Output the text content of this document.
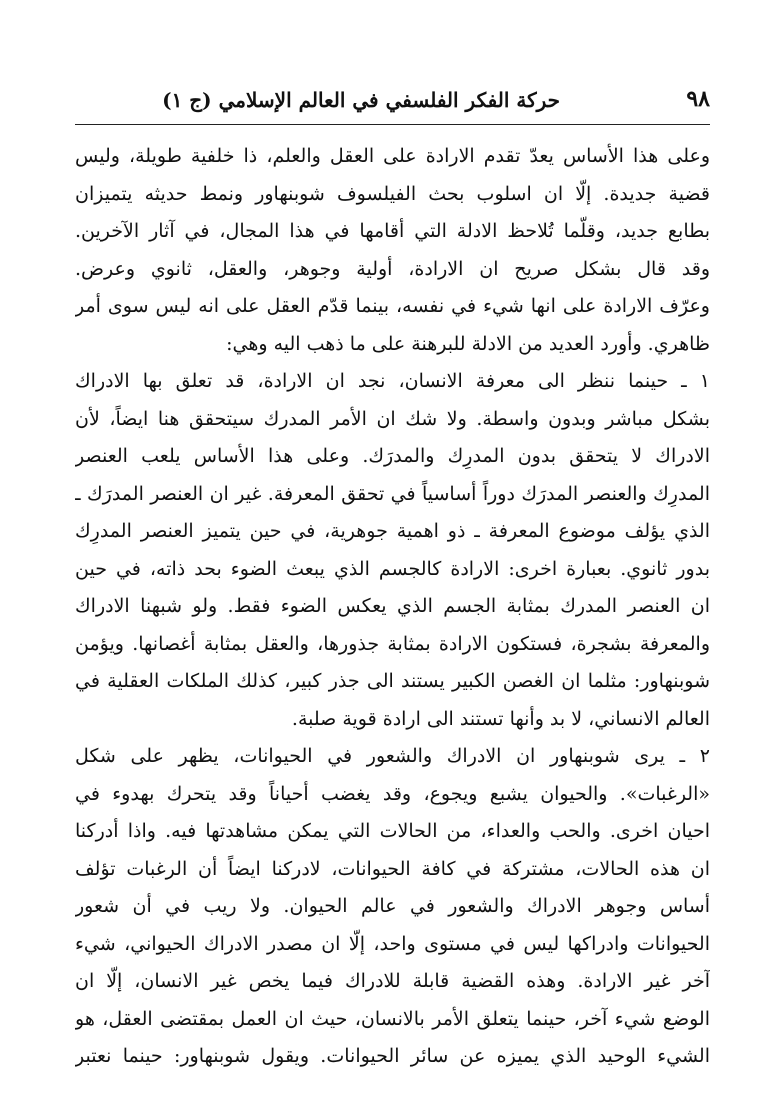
٩٨
حركة الفكر الفلسفي في العالم الإسلامي (ج ١)
وعلى هذا الأساس يعدّ تقدم الارادة على العقل والعلم، ذا خلفية طويلة، وليس
قضية جديدة. إلّا ان اسلوب بحث الفيلسوف شوبنهاور ونمط حديثه يتميزان
بطابع جديد، وقلّما تُلاحظ الادلة التي أقامها في هذا المجال، في آثار الآخرين.
وقد قال بشكل صريح ان الارادة، أولية وجوهر، والعقل، ثانوي وعرض.
وعرّف الارادة على انها شيء في نفسه، بينما قدّم العقل على انه ليس سوى أمر
ظاهري. وأورد العديد من الادلة للبرهنة على ما ذهب اليه وهي:
١ ـ حينما ننظر الى معرفة الانسان، نجد ان الارادة، قد تعلق بها الادراك
بشكل مباشر وبدون واسطة. ولا شك ان الأمر المدرك سيتحقق هنا ايضاً، لأن
الادراك لا يتحقق بدون المدرِك والمدرَك. وعلى هذا الأساس يلعب العنصر
المدرِك والعنصر المدرَك دوراً أساسياً في تحقق المعرفة. غير ان العنصر المدرَك ـ
الذي يؤلف موضوع المعرفة ـ ذو اهمية جوهرية، في حين يتميز العنصر المدرِك
بدور ثانوي. بعبارة اخرى: الارادة كالجسم الذي يبعث الضوء بحد ذاته، في حين
ان العنصر المدرك بمثابة الجسم الذي يعكس الضوء فقط. ولو شبهنا الادراك
والمعرفة بشجرة، فستكون الارادة بمثابة جذورها، والعقل بمثابة أغصانها. ويؤمن
شوبنهاور: مثلما ان الغصن الكبير يستند الى جذر كبير، كذلك الملكات العقلية في
العالم الانساني، لا بد وأنها تستند الى ارادة قوية صلبة.
٢ ـ يرى شوبنهاور ان الادراك والشعور في الحيوانات، يظهر على شكل
«الرغبات». والحيوان يشبع ويجوع، وقد يغضب أحياناً وقد يتحرك بهدوء في
احيان اخرى. والحب والعداء، من الحالات التي يمكن مشاهدتها فيه. واذا أدركنا
ان هذه الحالات، مشتركة في كافة الحيوانات، لادركنا ايضاً أن الرغبات تؤلف
أساس وجوهر الادراك والشعور في عالم الحيوان. ولا ريب في أن شعور
الحيوانات وادراكها ليس في مستوى واحد، إلّا ان مصدر الادراك الحيواني، شيء
آخر غير الارادة. وهذه القضية قابلة للادراك فيما يخص غير الانسان، إلّا ان
الوضع شيء آخر، حينما يتعلق الأمر بالانسان، حيث ان العمل بمقتضى العقل، هو
الشيء الوحيد الذي يميزه عن سائر الحيوانات. ويقول شوبنهاور: حينما نعتبر
